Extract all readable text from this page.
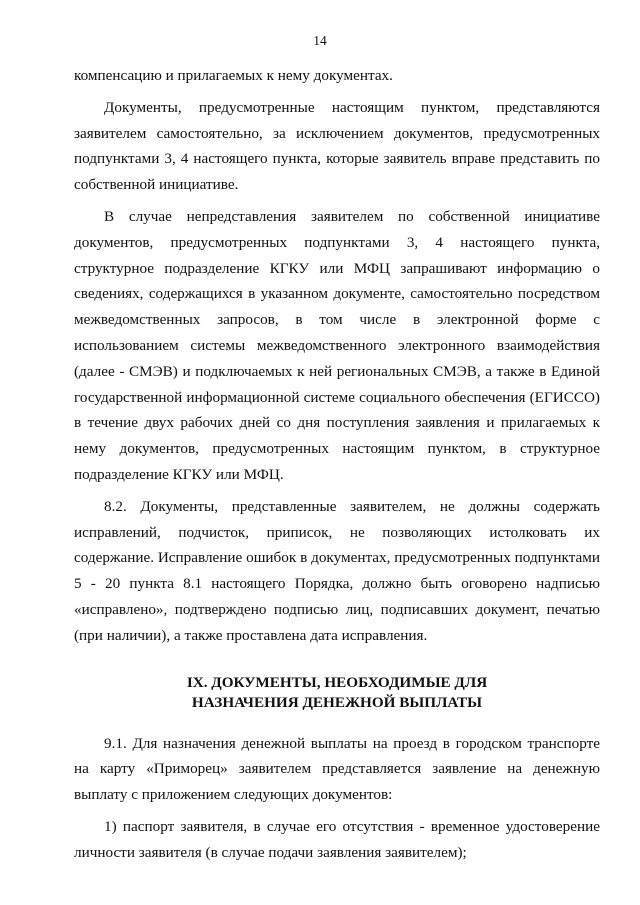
14
компенсацию и прилагаемых к нему документах.
Документы, предусмотренные настоящим пунктом, представляются
заявителем самостоятельно, за исключением документов, предусмотренных
подпунктами 3, 4 настоящего пункта, которые заявитель вправе представить по
собственной инициативе.
В случае непредставления заявителем по собственной инициативе
документов, предусмотренных подпунктами 3, 4 настоящего пункта,
структурное подразделение КГКУ или МФЦ запрашивают информацию о
сведениях, содержащихся в указанном документе, самостоятельно посредством
межведомственных запросов, в том числе в электронной форме с
использованием системы межведомственного электронного взаимодействия
(далее - СМЭВ) и подключаемых к ней региональных СМЭВ, а также в Единой
государственной информационной системе социального обеспечения (ЕГИССО)
в течение двух рабочих дней со дня поступления заявления и прилагаемых к
нему документов, предусмотренных настоящим пунктом, в структурное
подразделение КГКУ или МФЦ.
8.2. Документы, представленные заявителем, не должны содержать
исправлений, подчисток, приписок, не позволяющих истолковать их
содержание. Исправление ошибок в документах, предусмотренных подпунктами
5 - 20 пункта 8.1 настоящего Порядка, должно быть оговорено надписью
«исправлено», подтверждено подписью лиц, подписавших документ, печатью
(при наличии), а также проставлена дата исправления.
IX. ДОКУМЕНТЫ, НЕОБХОДИМЫЕ ДЛЯ
НАЗНАЧЕНИЯ ДЕНЕЖНОЙ ВЫПЛАТЫ
9.1. Для назначения денежной выплаты на проезд в городском транспорте
на карту «Приморец» заявителем представляется заявление на денежную
выплату с приложением следующих документов:
1) паспорт заявителя, в случае его отсутствия - временное удостоверение
личности заявителя (в случае подачи заявления заявителем);
